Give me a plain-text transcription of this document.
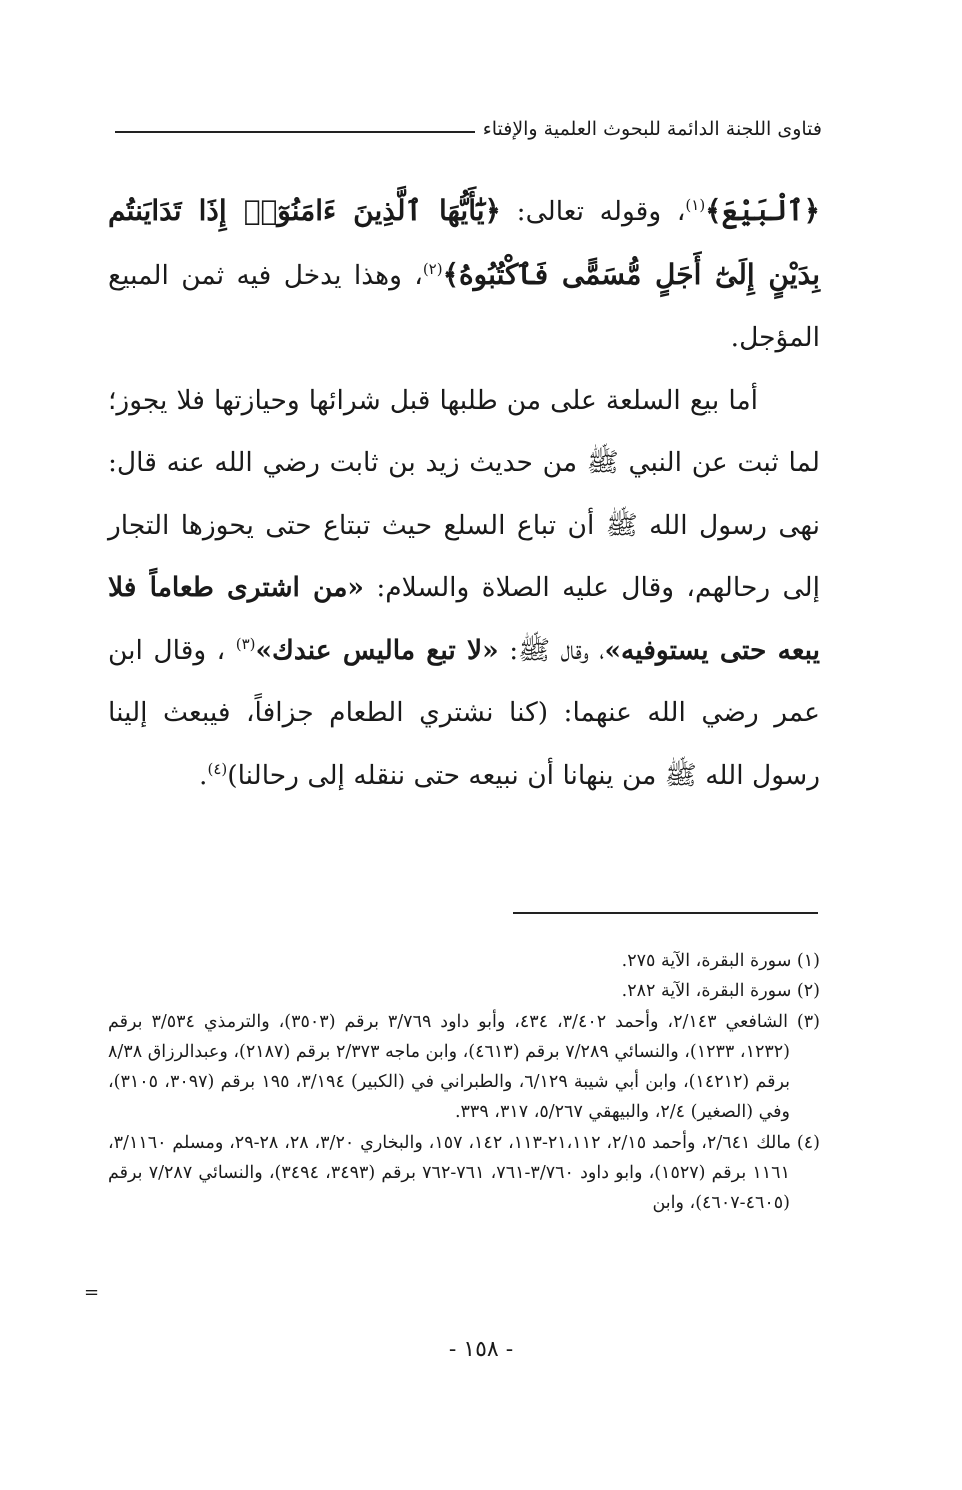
فتاوى اللجنة الدائمة للبحوث العلمية والإفتاء

﴿ٱلْبَيْعَ﴾$^{(١)}$، وقوله تعالى: ﴿يَٰٓأَيُّهَا ٱلَّذِينَ ءَامَنُوٓا۟ إِذَا تَدَايَنتُم بِدَيْنٍ إِلَىٰٓ أَجَلٍ مُّسَمًّى فَٱكْتُبُوهُ﴾$^{(٢)}$، وهذا يدخل فيه ثمن المبيع المؤجل.

أما بيع السلعة على من طلبها قبل شرائها وحيازتها فلا يجوز؛ لما ثبت عن النبي ﷺ من حديث زيد بن ثابت رضي الله عنه قال: نهى رسول الله ﷺ أن تباع السلع حيث تبتاع حتى يحوزها التجار إلى رحالهم، وقال عليه الصلاة والسلام: «من اشترى طعاماً فلا يبعه حتى يستوفيه»، وقال ﷺ: «لا تبع ماليس عندك»$^{(٣)}$ ، وقال ابن عمر رضي الله عنهما: (كنا نشتري الطعام جزافاً، فيبعث إلينا رسول الله ﷺ من ينهانا أن نبيعه حتى ننقله إلى رحالنا)$^{(٤)}$.

(١) سورة البقرة، الآية ٢٧٥.

(٢) سورة البقرة، الآية ٢٨٢.

(٣) الشافعي ٢/١٤٣، وأحمد ٣/٤٠٢، ٤٣٤، وأبو داود ٣/٧٦٩ برقم (٣٥٠٣)، والترمذي ٣/٥٣٤ برقم (١٢٣٢، ١٢٣٣)، والنسائي ٧/٢٨٩ برقم (٤٦١٣)، وابن ماجه ٢/٣٧٣ برقم (٢١٨٧)، وعبدالرزاق ٨/٣٨ برقم (١٤٢١٢)، وابن أبي شيبة ٦/١٢٩، والطبراني في (الكبير) ٣/١٩٤، ١٩٥ برقم (٣٠٩٧، ٣١٠٥)، وفي (الصغير) ٢/٤، والبيهقي ٥/٢٦٧، ٣١٧، ٣٣٩.

(٤) مالك ٢/٦٤١، وأحمد ٢/١٥، ٢١،١١٢-١١٣، ١٤٢، ١٥٧، والبخاري ٣/٢٠، ٢٨، ٢٨-٢٩، ومسلم ٣/١١٦٠، ١١٦١ برقم (١٥٢٧)، وابو داود ٣/٧٦٠-٧٦١، ٧٦١-٧٦٢ برقم (٣٤٩٣، ٣٤٩٤)، والنسائي ٧/٢٨٧ برقم (٤٦٠٥-٤٦٠٧)، وابن

=
- ١٥٨ -
